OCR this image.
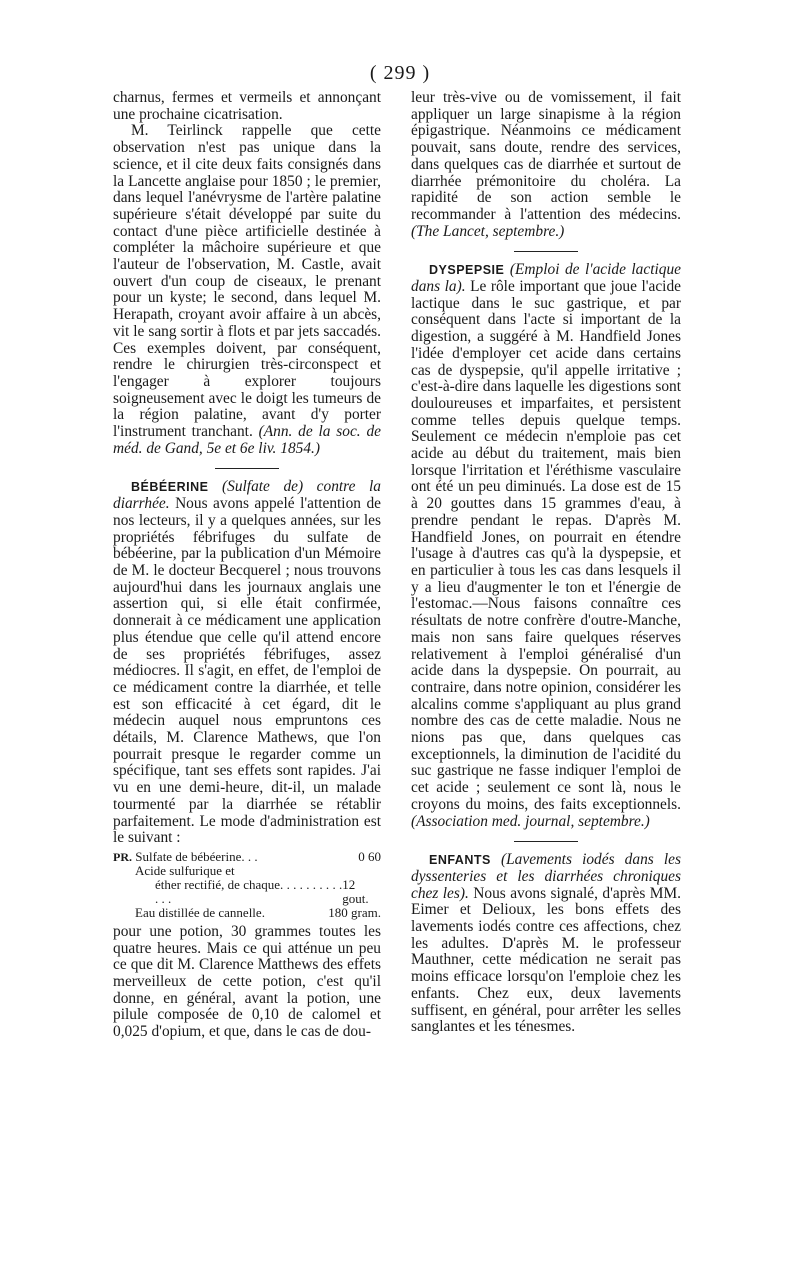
( 299 )

charnus, fermes et vermeils et annonçant une prochaine cicatrisation.

M. Teirlinck rappelle que cette observation n'est pas unique dans la science, et il cite deux faits consignés dans la Lancette anglaise pour 1850 ; le premier, dans lequel l'anévrysme de l'artère palatine supérieure s'était développé par suite du contact d'une pièce artificielle destinée à compléter la mâchoire supérieure et que l'auteur de l'observation, M. Castle, avait ouvert d'un coup de ciseaux, le prenant pour un kyste; le second, dans lequel M. Herapath, croyant avoir affaire à un abcès, vit le sang sortir à flots et par jets saccadés. Ces exemples doivent, par conséquent, rendre le chirurgien très-circonspect et l'engager à explorer toujours soigneusement avec le doigt les tumeurs de la région palatine, avant d'y porter l'instrument tranchant. (Ann. de la soc. de méd. de Gand, 5e et 6e liv. 1854.)

BÉBÉERINE (Sulfate de) contre la diarrhée. Nous avons appelé l'attention de nos lecteurs, il y a quelques années, sur les propriétés fébrifuges du sulfate de bébéerine, par la publication d'un Mémoire de M. le docteur Becquerel ; nous trouvons aujourd'hui dans les journaux anglais une assertion qui, si elle était confirmée, donnerait à ce médicament une application plus étendue que celle qu'il attend encore de ses propriétés fébrifuges, assez médiocres. Il s'agit, en effet, de l'emploi de ce médicament contre la diarrhée, et telle est son efficacité à cet égard, dit le médecin auquel nous empruntons ces détails, M. Clarence Mathews, que l'on pourrait presque le regarder comme un spécifique, tant ses effets sont rapides. J'ai vu en une demi-heure, dit-il, un malade tourmenté par la diarrhée se rétablir parfaitement. Le mode d'administration est le suivant :

PR. Sulfate de bébéerine. . .	0 60
Acide sulfurique et
éther rectifié, de chaque. . . . . . . . . . . . .
12 gout.
Eau distillée de cannelle.	180 gram.

pour une potion, 30 grammes toutes les quatre heures. Mais ce qui atténue un peu ce que dit M. Clarence Matthews des effets merveilleux de cette potion, c'est qu'il donne, en général, avant la potion, une pilule composée de 0,10 de calomel et 0,025 d'opium, et que, dans le cas de dou-

leur très-vive ou de vomissement, il fait appliquer un large sinapisme à la région épigastrique. Néanmoins ce médicament pouvait, sans doute, rendre des services, dans quelques cas de diarrhée et surtout de diarrhée prémonitoire du choléra. La rapidité de son action semble le recommander à l'attention des médecins. (The Lancet, septembre.)

DYSPEPSIE (Emploi de l'acide lactique dans la). Le rôle important que joue l'acide lactique dans le suc gastrique, et par conséquent dans l'acte si important de la digestion, a suggéré à M. Handfield Jones l'idée d'employer cet acide dans certains cas de dyspepsie, qu'il appelle irritative ; c'est-à-dire dans laquelle les digestions sont douloureuses et imparfaites, et persistent comme telles depuis quelque temps. Seulement ce médecin n'emploie pas cet acide au début du traitement, mais bien lorsque l'irritation et l'éréthisme vasculaire ont été un peu diminués. La dose est de 15 à 20 gouttes dans 15 grammes d'eau, à prendre pendant le repas. D'après M. Handfield Jones, on pourrait en étendre l'usage à d'autres cas qu'à la dyspepsie, et en particulier à tous les cas dans lesquels il y a lieu d'augmenter le ton et l'énergie de l'estomac.—Nous faisons connaître ces résultats de notre confrère d'outre-Manche, mais non sans faire quelques réserves relativement à l'emploi généralisé d'un acide dans la dyspepsie. On pourrait, au contraire, dans notre opinion, considérer les alcalins comme s'appliquant au plus grand nombre des cas de cette maladie. Nous ne nions pas que, dans quelques cas exceptionnels, la diminution de l'acidité du suc gastrique ne fasse indiquer l'emploi de cet acide ; seulement ce sont là, nous le croyons du moins, des faits exceptionnels. (Association med. journal, septembre.)

ENFANTS (Lavements iodés dans les dyssenteries et les diarrhées chroniques chez les). Nous avons signalé, d'après MM. Eimer et Delioux, les bons effets des lavements iodés contre ces affections, chez les adultes. D'après M. le professeur Mauthner, cette médication ne serait pas moins efficace lorsqu'on l'emploie chez les enfants. Chez eux, deux lavements suffisent, en général, pour arrêter les selles sanglantes et les ténesmes.
